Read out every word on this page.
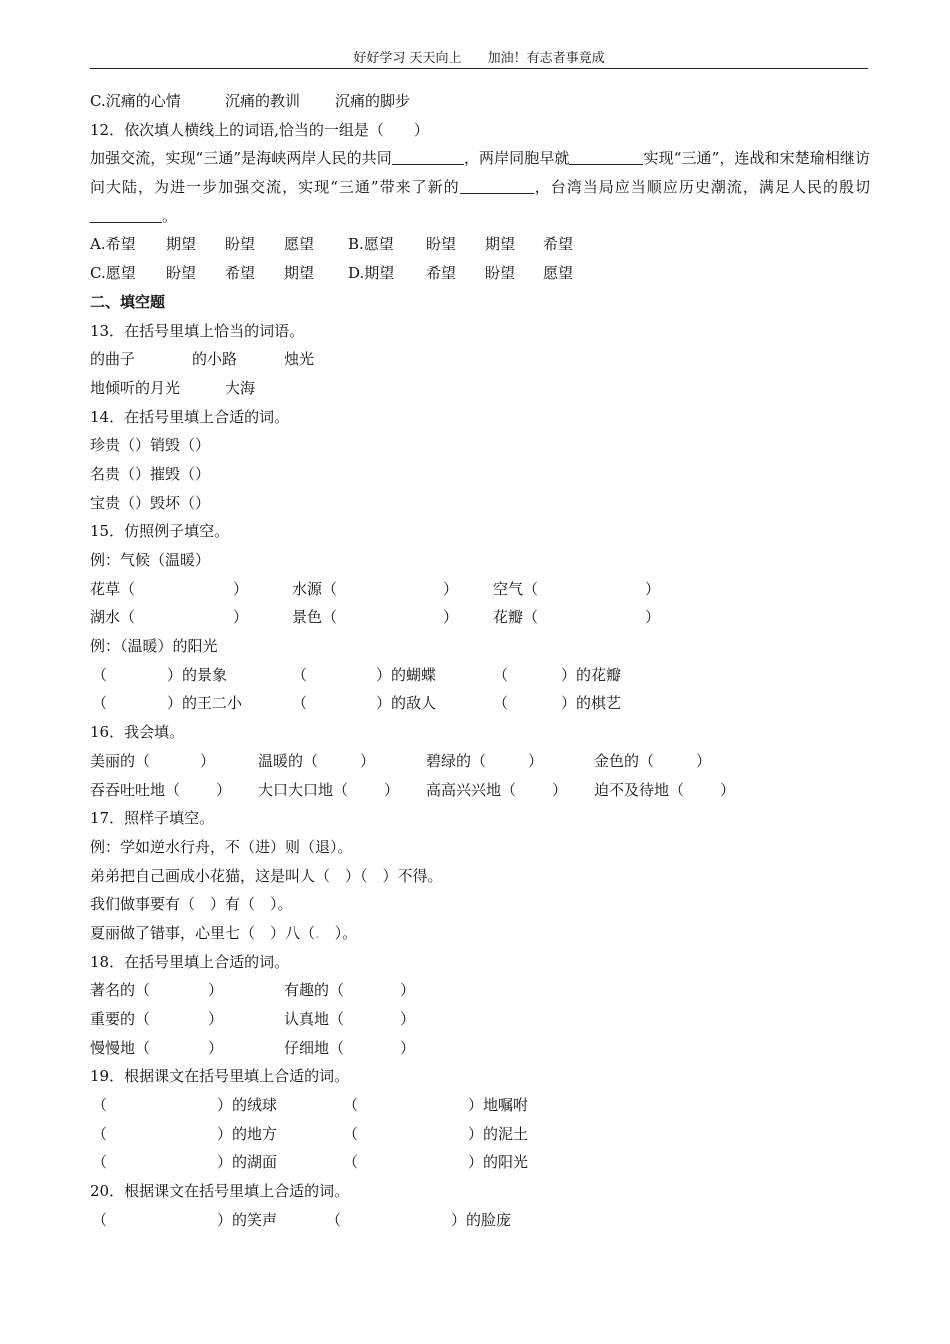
好好学习 天天向上 加油！有志者事竟成
C.沉痛的心情	沉痛的教训 沉痛的脚步
12．依次填人横线上的词语,恰当的一组是（　　）
加强交流，实现“三通”是海峡两岸人民的共同	，两岸同胞早就	实现“三通”，连战和宋楚瑜相继访问大陆，为进一步加强交流，实现“三通”带来了新的	，台湾当局应当顺应历史潮流，满足人民的殷切。
A.希望 期望 盼望 愿望 B.愿望 盼望 期望 希望
C.愿望 盼望 希望 期望 D.期望 希望 盼望 愿望
二、填空题
13．在括号里填上恰当的词语。
的曲子	的小路	烛光
地倾听的月光	大海
14．在括号里填上合适的词。
珍贵（）销毁（）
名贵（）摧毁（）
宝贵（）毁坏（）
15．仿照例子填空。
例：气候（温暖）
花草（	）	水源（	） 空气（	）
湖水（	）	景色（	） 花瓣（	）
例：（温暖）的阳光
（	）的景象	（	）的蝴蝶	（	）的花瓣
（	）的王二小	（	）的敌人	（	）的棋艺
16．我会填。
美丽的（	）	温暖的（	）	碧绿的（	）	金色的（	）
吞吞吐吐地（ ） 大口大口地（ ） 高高兴兴地（ ） 迫不及待地（ ）
17．照样子填空。
例：学如逆水行舟，不（进）则（退）。
弟弟把自己画成小花猫，这是叫人（　）（　）不得。
我们做事要有（　）有（　）。
夏丽做了错事，心里七（　）八（.　）。
18．在括号里填上合适的词。
著名的（	）	有趣的（	）
重要的（	）	认真地（	）
慢慢地（	）	仔细地（	）
19．根据课文在括号里填上合适的词。
（	）的绒球	（	）地嘱咐
（	）的地方	（	）的泥土
（	）的湖面	（	）的阳光
20．根据课文在括号里填上合适的词。
（	）的笑声	（	）的脸庞
